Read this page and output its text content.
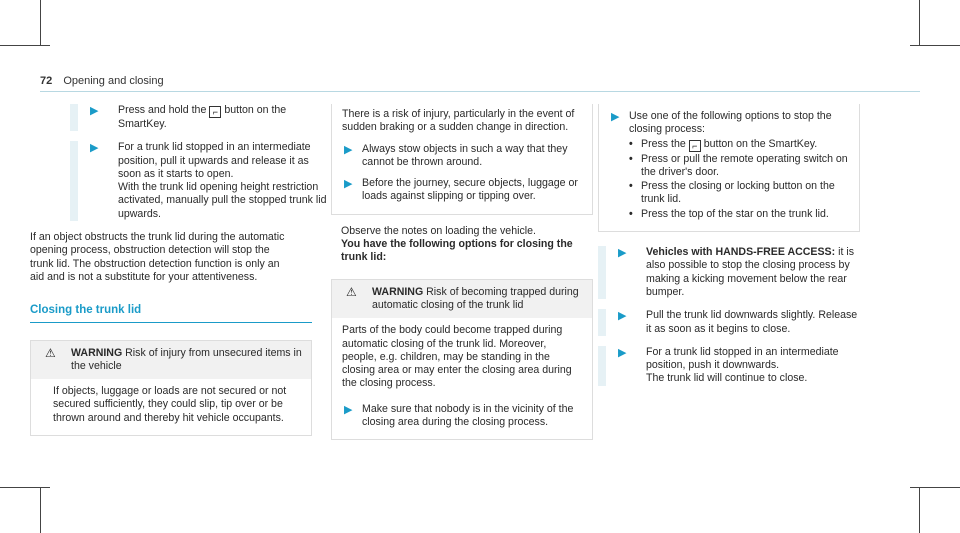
72 Opening and closing
▶	Press and hold the ⌐ button on the SmartKey.
▶ For a trunk lid stopped in an intermediate position, pull it upwards and release it as soon as it starts to open.
With the trunk lid opening height restriction activated, manually pull the stopped trunk lid upwards.
If an object obstructs the trunk lid during the automatic opening process, obstruction detection will stop the trunk lid. The obstruction detection function is only an aid and is not a substitute for your attentiveness.
Closing the trunk lid
⚠ WARNING Risk of injury from unsecured items in the vehicle
If objects, luggage or loads are not secured or not secured sufficiently, they could slip, tip over or be thrown around and thereby hit vehicle occupants.
There is a risk of injury, particularly in the event of sudden braking or a sudden change in direction.
▶ Always stow objects in such a way that they cannot be thrown around.
▶ Before the journey, secure objects, luggage or loads against slipping or tipping over.
Observe the notes on loading the vehicle.
You have the following options for closing the trunk lid:
⚠ WARNING Risk of becoming trapped during automatic closing of the trunk lid
Parts of the body could become trapped during automatic closing of the trunk lid. Moreover, people, e.g. children, may be standing in the closing area or may enter the closing area during the closing process.
▶ Make sure that nobody is in the vicinity of the closing area during the closing process.
▶ Use one of the following options to stop the closing process:
• Press the ⌐ button on the SmartKey.
• Press or pull the remote operating switch on the driver's door.
• Press the closing or locking button on the trunk lid.
• Press the top of the star on the trunk lid.
▶	Vehicles with HANDS-FREE ACCESS: it is also possible to stop the closing process by making a kicking movement below the rear bumper.
▶	Pull the trunk lid downwards slightly. Release it as soon as it begins to close.
▶ For a trunk lid stopped in an intermediate position, push it downwards.
The trunk lid will continue to close.
